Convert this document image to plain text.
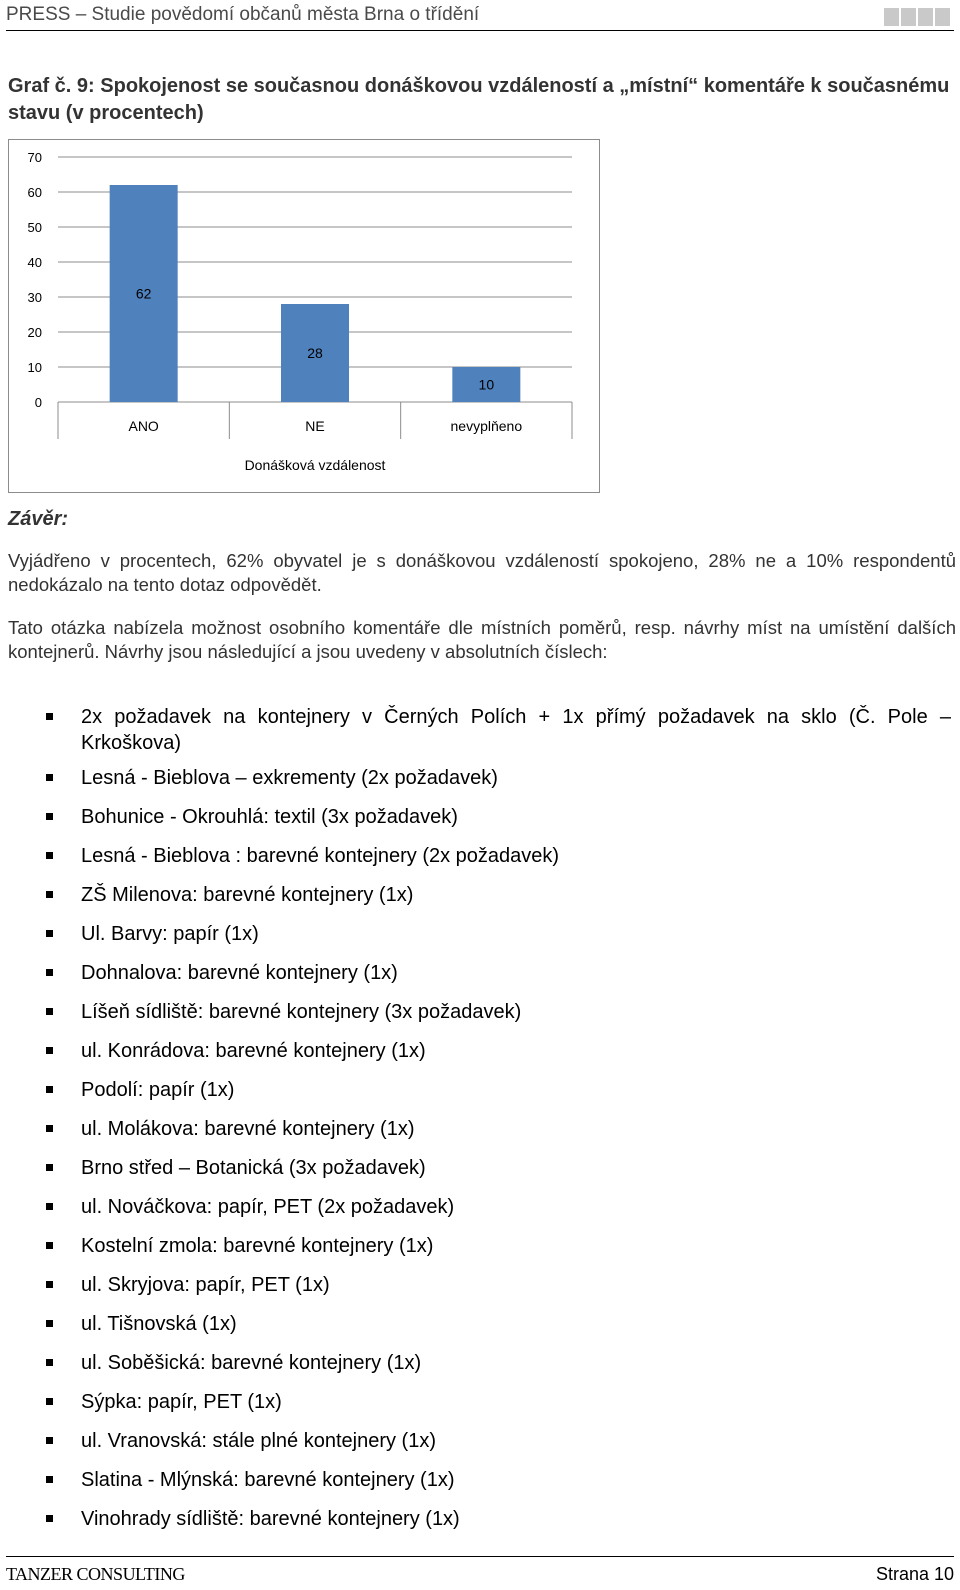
PRESS – Studie povědomí občanů města Brna o třídění
Graf č. 9: Spokojenost se současnou donáškovou vzdáleností a „místní“ komentáře k současnému stavu (v procentech)
0
10
20
30
40
50
60
70
62
ANO
28
NE
10
nevyplňeno
Donášková vzdálenost
Závěr:
Vyjádřeno v procentech, 62% obyvatel je s donáškovou vzdáleností spokojeno, 28% ne a 10% respondentů nedokázalo na tento dotaz odpovědět.
Tato otázka nabízela možnost osobního komentáře dle místních poměrů, resp. návrhy míst na umístění dalších kontejnerů. Návrhy jsou následující a jsou uvedeny v absolutních číslech:
2x požadavek na kontejnery v Černých Polích + 1x přímý požadavek na sklo (Č. Pole – Krkoškova)
Lesná - Bieblova – exkrementy (2x požadavek)
Bohunice - Okrouhlá: textil (3x požadavek)
Lesná - Bieblova : barevné kontejnery (2x požadavek)
ZŠ Milenova: barevné kontejnery (1x)
Ul. Barvy: papír (1x)
Dohnalova: barevné kontejnery (1x)
Líšeň sídliště: barevné kontejnery (3x požadavek)
ul. Konrádova: barevné kontejnery (1x)
Podolí: papír (1x)
ul. Molákova: barevné kontejnery (1x)
Brno střed – Botanická (3x požadavek)
ul. Nováčkova: papír, PET (2x požadavek)
Kostelní zmola: barevné kontejnery (1x)
ul. Skryjova: papír, PET (1x)
ul. Tišnovská (1x)
ul. Soběšická: barevné kontejnery (1x)
Sýpka: papír, PET (1x)
ul. Vranovská: stále plné kontejnery (1x)
Slatina - Mlýnská: barevné kontejnery (1x)
Vinohrady sídliště: barevné kontejnery (1x)
TANZER CONSULTING	Strana 10
